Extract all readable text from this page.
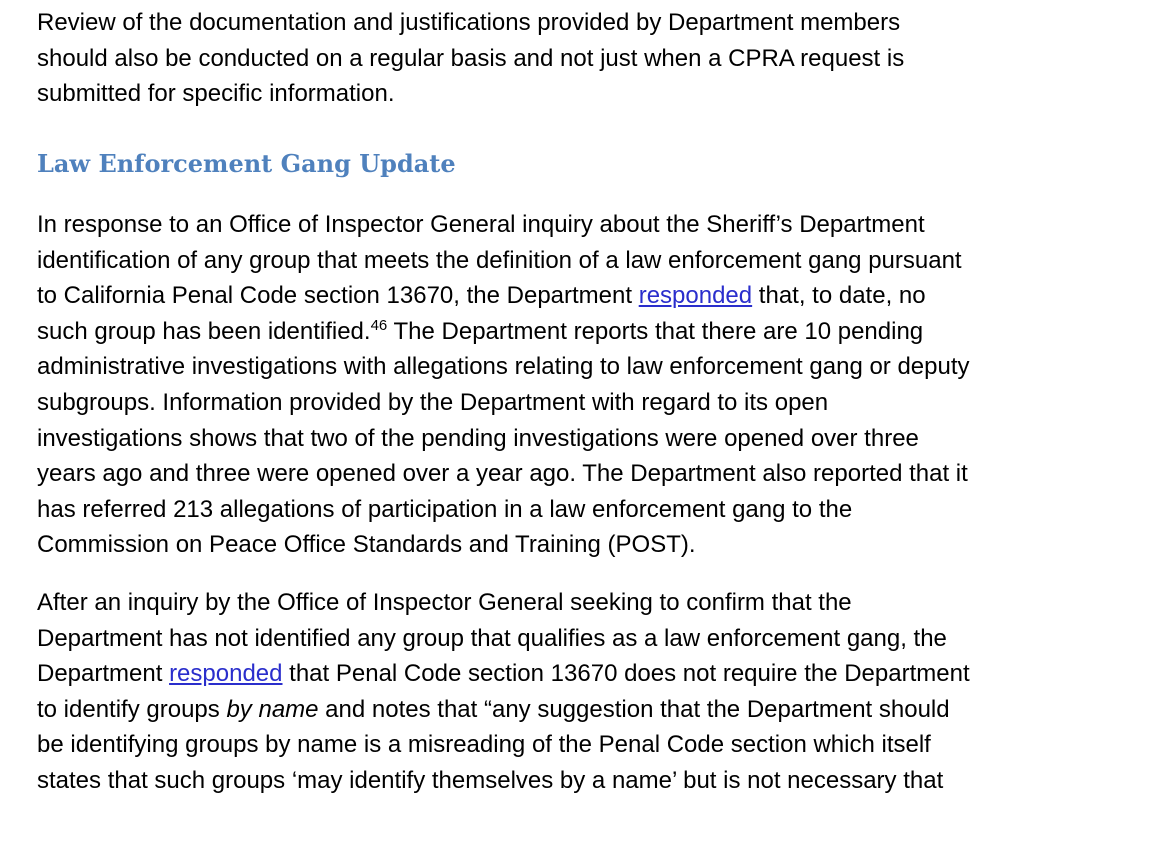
Review of the documentation and justifications provided by Department members
should also be conducted on a regular basis and not just when a CPRA request is
submitted for specific information.
Law Enforcement Gang Update
In response to an Office of Inspector General inquiry about the Sheriff’s Department
identification of any group that meets the definition of a law enforcement gang pursuant
to California Penal Code section 13670, the Department responded that, to date, no
such group has been identified.$^{46}$ The Department reports that there are 10 pending
administrative investigations with allegations relating to law enforcement gang or deputy
subgroups. Information provided by the Department with regard to its open
investigations shows that two of the pending investigations were opened over three
years ago and three were opened over a year ago. The Department also reported that it
has referred 213 allegations of participation in a law enforcement gang to the
Commission on Peace Office Standards and Training (POST).
After an inquiry by the Office of Inspector General seeking to confirm that the
Department has not identified any group that qualifies as a law enforcement gang, the
Department responded that Penal Code section 13670 does not require the Department
to identify groups by name and notes that “any suggestion that the Department should
be identifying groups by name is a misreading of the Penal Code section which itself
states that such groups ‘may identify themselves by a name’ but is not necessary that
